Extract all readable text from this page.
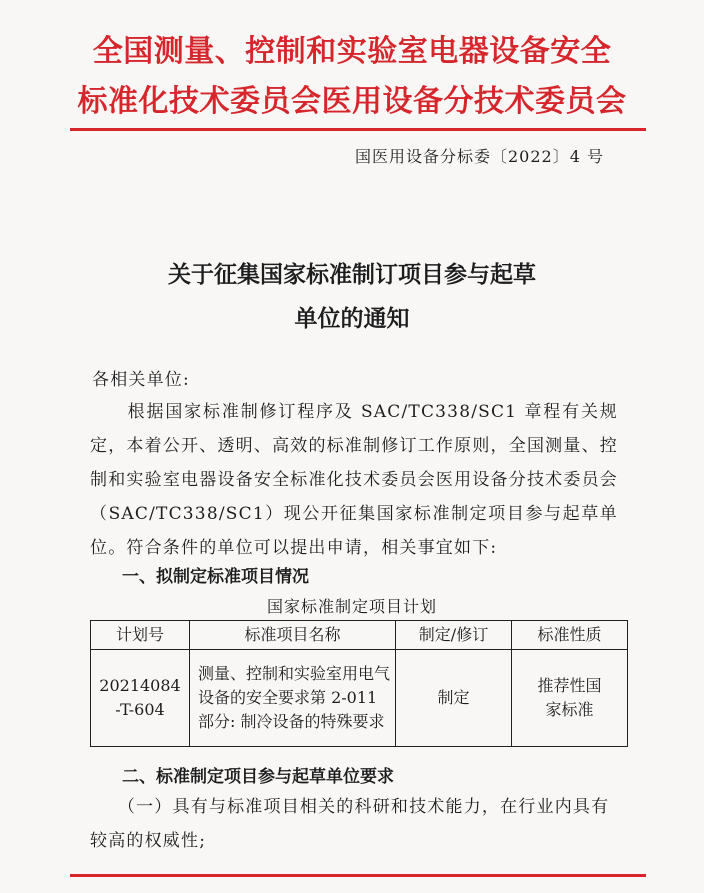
全国测量、控制和实验室电器设备安全
标准化技术委员会医用设备分技术委员会
国医用设备分标委〔2022〕4 号
关于征集国家标准制订项目参与起草
单位的通知
各相关单位:
　　根据国家标准制修订程序及 SAC/TC338/SC1 章程有关规定，本着公开、透明、高效的标准制修订工作原则，全国测量、控制和实验室电器设备安全标准化技术委员会医用设备分技术委员会（SAC/TC338/SC1）现公开征集国家标准制定项目参与起草单位。符合条件的单位可以提出申请，相关事宜如下:
一、拟制定标准项目情况
国家标准制定项目计划
计划号	标准项目名称	制定/修订	标准性质
20214084-T-604	测量、控制和实验室用电气设备的安全要求第 2-011 部分: 制冷设备的特殊要求	制定	推荐性国家标准
二、标准制定项目参与起草单位要求
　　（一）具有与标准项目相关的科研和技术能力，在行业内具有较高的权威性;
